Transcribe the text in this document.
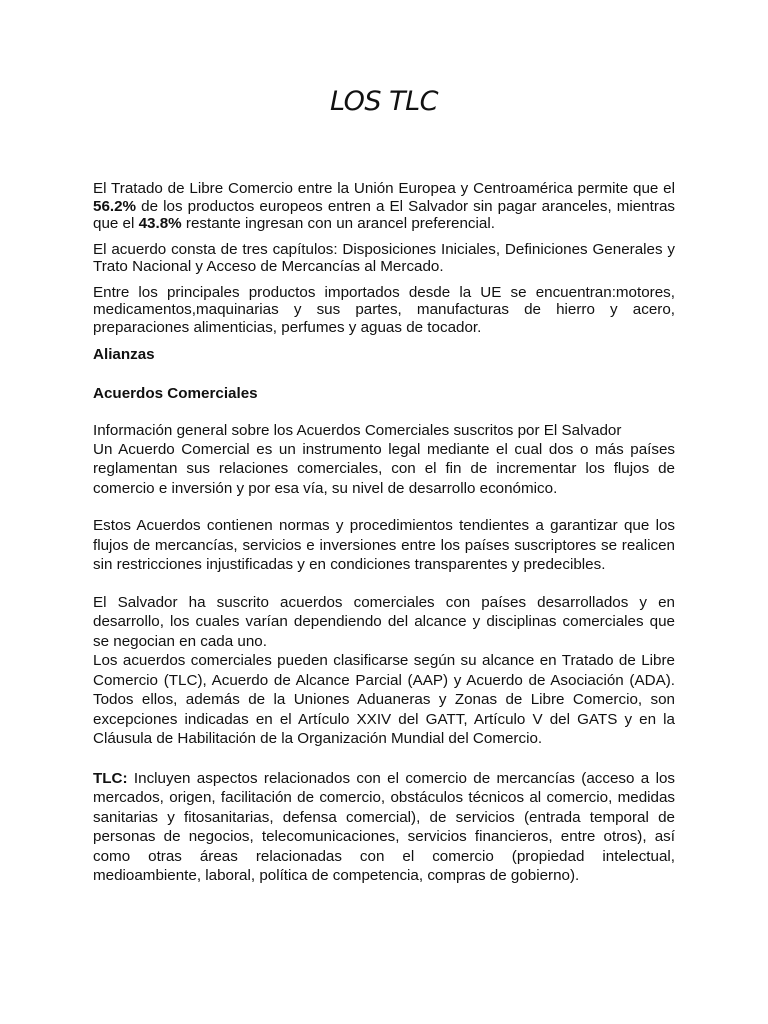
LOS TLC

El Tratado de Libre Comercio entre la Unión Europea y Centroamérica permite que el 56.2% de los productos europeos entren a El Salvador sin pagar aranceles, mientras que el 43.8% restante ingresan con un arancel preferencial.

El acuerdo consta de tres capítulos: Disposiciones Iniciales, Definiciones Generales y Trato Nacional y Acceso de Mercancías al Mercado.

Entre los principales productos importados desde la UE se encuentran:motores, medicamentos,maquinarias y sus partes, manufacturas de hierro y acero, preparaciones alimenticias, perfumes y aguas de tocador.

Alianzas

Acuerdos Comerciales

Información general sobre los Acuerdos Comerciales suscritos por El Salvador

Un Acuerdo Comercial es un instrumento legal mediante el cual dos o más países reglamentan sus relaciones comerciales, con el fin de incrementar los flujos de comercio e inversión y por esa vía, su nivel de desarrollo económico.

Estos Acuerdos contienen normas y procedimientos tendientes a garantizar que los flujos de mercancías, servicios e inversiones entre los países suscriptores se realicen sin restricciones injustificadas y en condiciones transparentes y predecibles.

El Salvador ha suscrito acuerdos comerciales con países desarrollados y en desarrollo, los cuales varían dependiendo del alcance y disciplinas comerciales que se negocian en cada uno.

Los acuerdos comerciales pueden clasificarse según su alcance en Tratado de Libre Comercio (TLC), Acuerdo de Alcance Parcial (AAP) y Acuerdo de Asociación (ADA). Todos ellos, además de la Uniones Aduaneras y Zonas de Libre Comercio, son excepciones indicadas en el Artículo XXIV del GATT, Artículo V del GATS y en la Cláusula de Habilitación de la Organización Mundial del Comercio.

TLC: Incluyen aspectos relacionados con el comercio de mercancías (acceso a los mercados, origen, facilitación de comercio, obstáculos técnicos al comercio, medidas sanitarias y fitosanitarias, defensa comercial), de servicios (entrada temporal de personas de negocios, telecomunicaciones, servicios financieros, entre otros), así como otras áreas relacionadas con el comercio (propiedad intelectual, medioambiente, laboral, política de competencia, compras de gobierno).
